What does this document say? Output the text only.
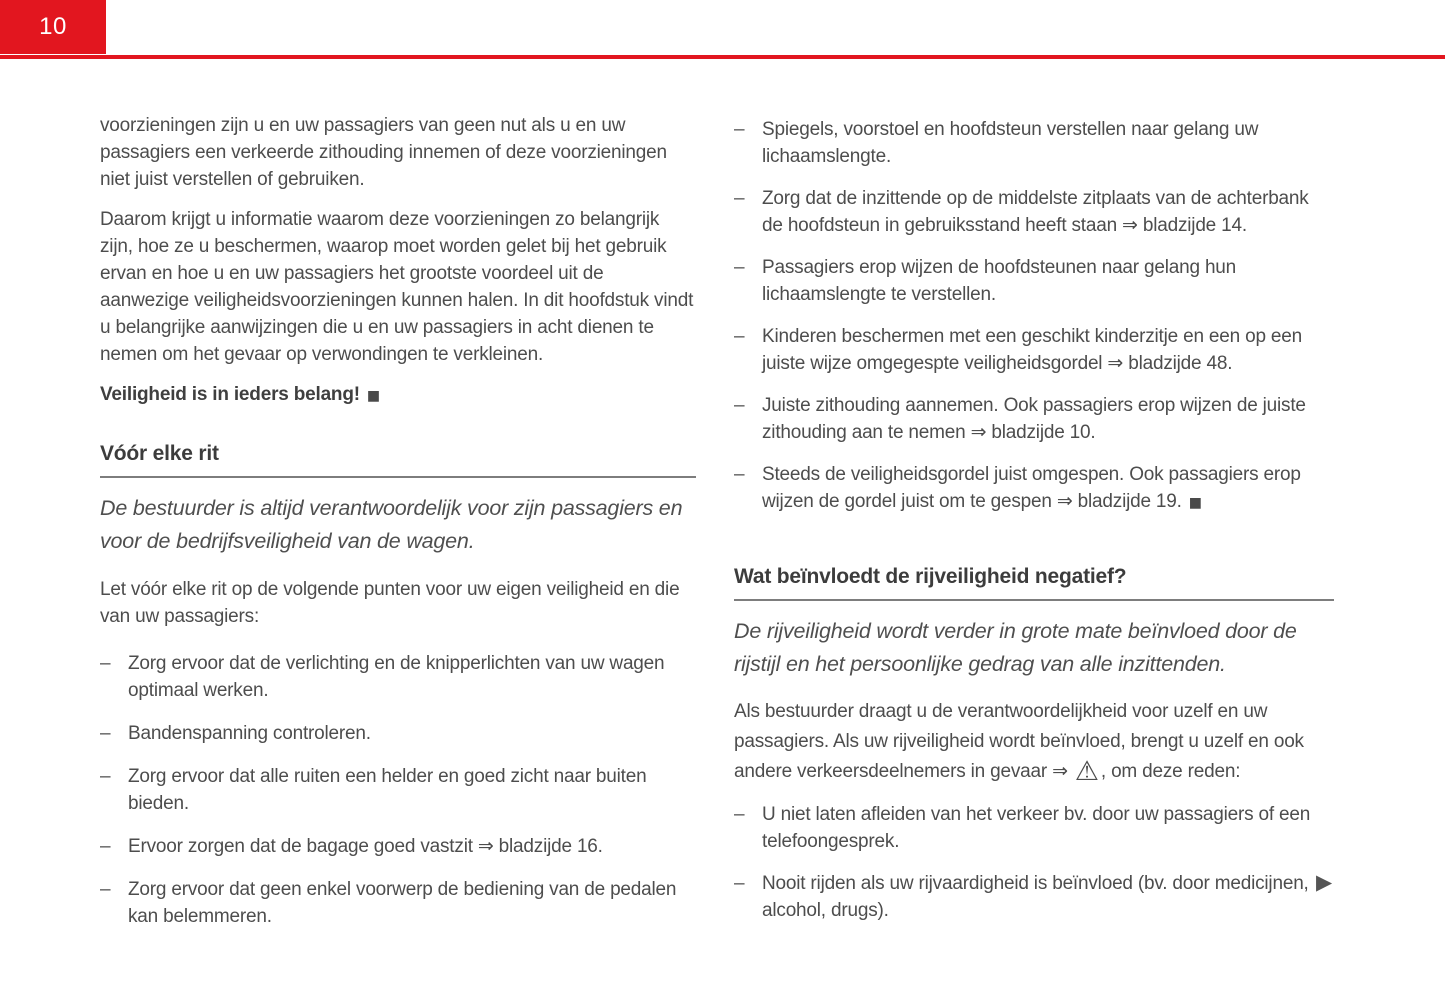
10

voorzieningen zijn u en uw passagiers van geen nut als u en uw passagiers een verkeerde zithouding innemen of deze voorzieningen niet juist verstellen of gebruiken.

Daarom krijgt u informatie waarom deze voorzieningen zo belangrijk zijn, hoe ze u beschermen, waarop moet worden gelet bij het gebruik ervan en hoe u en uw passagiers het grootste voordeel uit de aanwezige veiligheidsvoorzieningen kunnen halen. In dit hoofdstuk vindt u belangrijke aanwijzingen die u en uw passagiers in acht dienen te nemen om het gevaar op verwondingen te verkleinen.

Veiligheid is in ieders belang! ■

Vóór elke rit

De bestuurder is altijd verantwoordelijk voor zijn passagiers en voor de bedrijfsveiligheid van de wagen.

Let vóór elke rit op de volgende punten voor uw eigen veiligheid en die van uw passagiers:

– Zorg ervoor dat de verlichting en de knipperlichten van uw wagen optimaal werken.
– Bandenspanning controleren.
– Zorg ervoor dat alle ruiten een helder en goed zicht naar buiten bieden.
– Ervoor zorgen dat de bagage goed vastzit ⇒ bladzijde 16.
– Zorg ervoor dat geen enkel voorwerp de bediening van de pedalen kan belemmeren.
– Spiegels, voorstoel en hoofdsteun verstellen naar gelang uw lichaamslengte.
– Zorg dat de inzittende op de middelste zitplaats van de achterbank de hoofdsteun in gebruiksstand heeft staan ⇒ bladzijde 14.
– Passagiers erop wijzen de hoofdsteunen naar gelang hun lichaamslengte te verstellen.
– Kinderen beschermen met een geschikt kinderzitje en een op een juiste wijze omgegespte veiligheidsgordel ⇒ bladzijde 48.
– Juiste zithouding aannemen. Ook passagiers erop wijzen de juiste zithouding aan te nemen ⇒ bladzijde 10.
– Steeds de veiligheidsgordel juist omgespen. Ook passagiers erop wijzen de gordel juist om te gespen ⇒ bladzijde 19. ■
Wat beïnvloedt de rijveiligheid negatief?

De rijveiligheid wordt verder in grote mate beïnvloed door de rijstijl en het persoonlijke gedrag van alle inzittenden.

Als bestuurder draagt u de verantwoordelijkheid voor uzelf en uw passagiers. Als uw rijveiligheid wordt beïnvloed, brengt u uzelf en ook andere verkeersdeelnemers in gevaar ⇒ ⚠ , om deze reden:

– U niet laten afleiden van het verkeer bv. door uw passagiers of een telefoongesprek.
– Nooit rijden als uw rijvaardigheid is beïnvloed (bv. door medicijnen, alcohol, drugs).
▶
